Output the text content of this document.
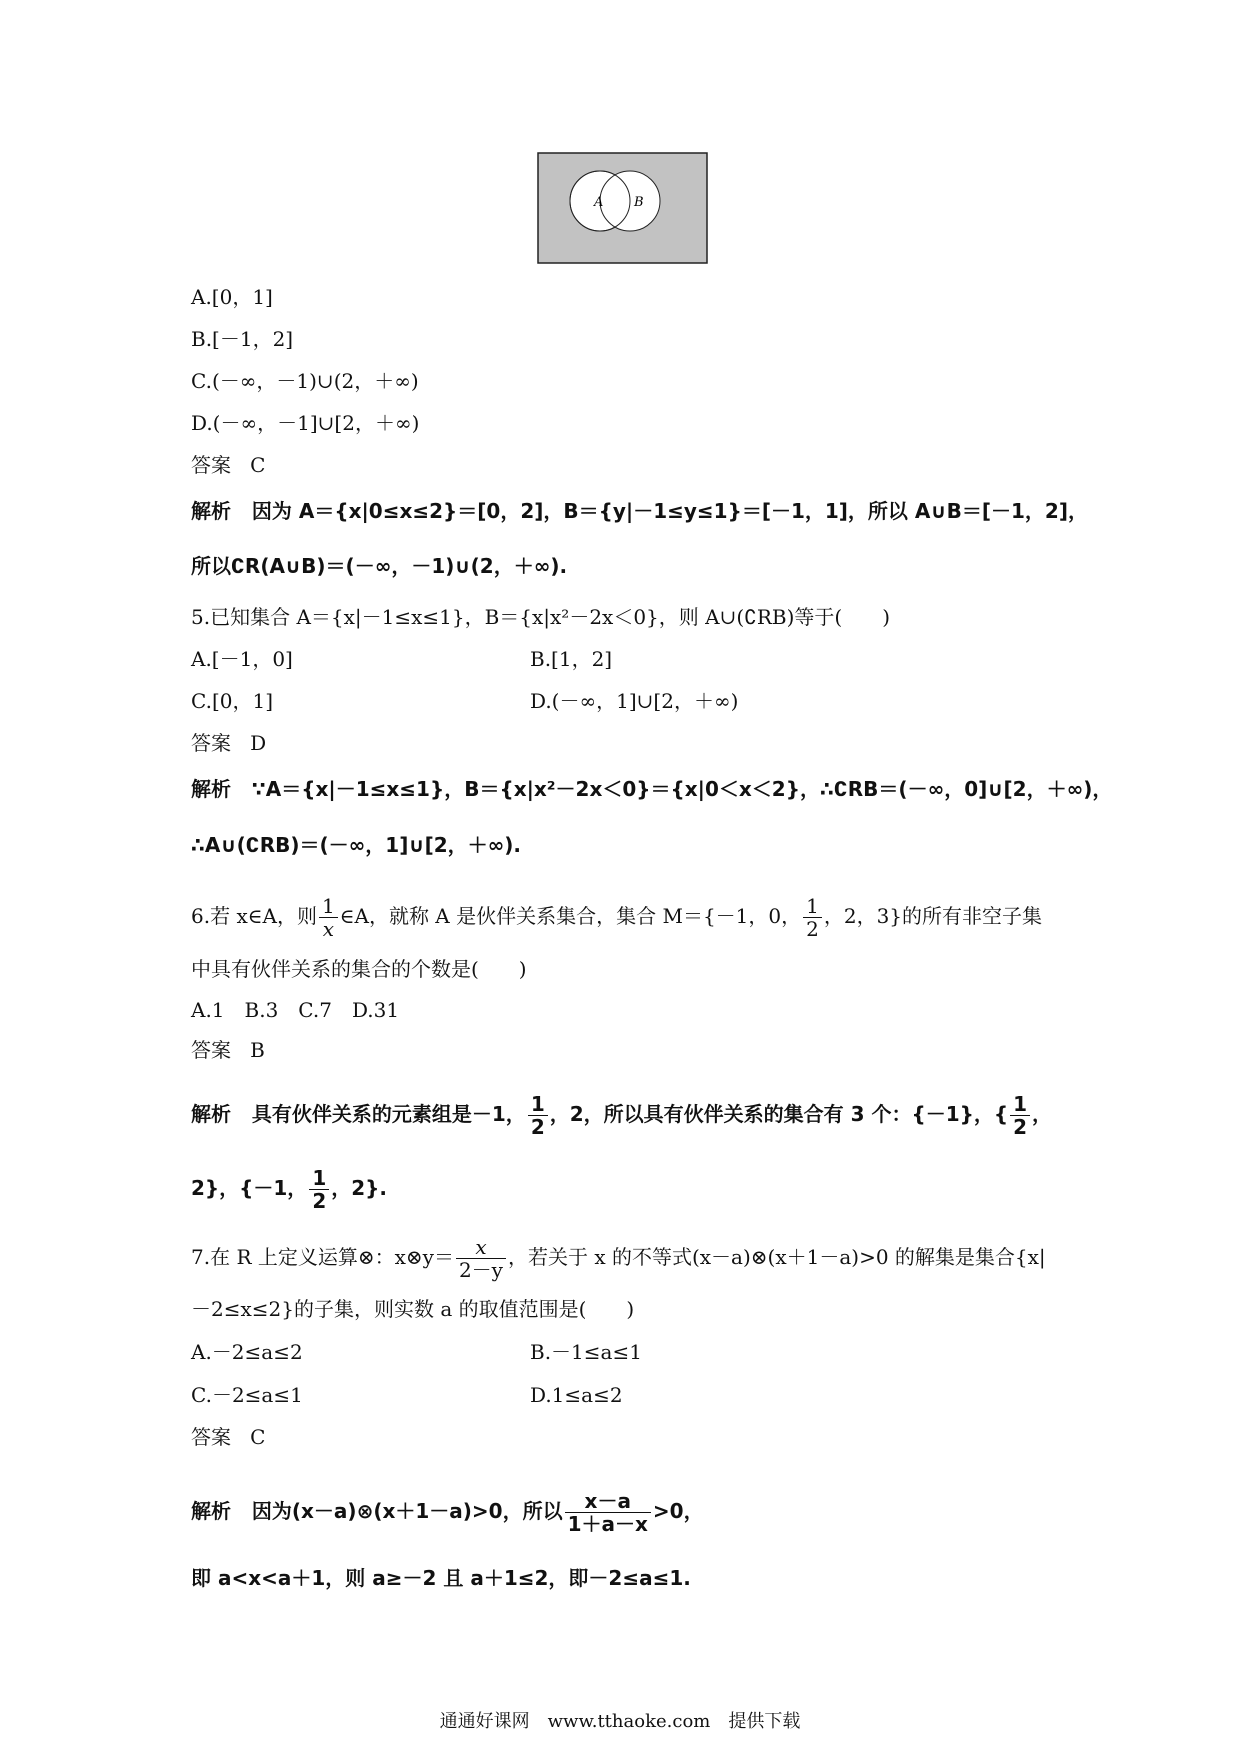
A B
A.[0，1]
B.[－1，2]
C.(－∞，－1)∪(2，＋∞)
D.(－∞，－1]∪[2，＋∞)
答案 C
解析 因为 A＝{x|0≤x≤2}＝[0，2]，B＝{y|－1≤y≤1}＝[－1，1]，所以 A∪B＝[－1，2]，
所以∁R(A∪B)＝(－∞，－1)∪(2，＋∞).
5.已知集合 A＝{x|－1≤x≤1}，B＝{x|x²－2x＜0}，则 A∪(∁RB)等于(　　)
A.[－1，0]	B.[1，2]
C.[0，1]	D.(－∞，1]∪[2，＋∞)
答案 D
解析 ∵A＝{x|－1≤x≤1}，B＝{x|x²－2x＜0}＝{x|0＜x＜2}，∴∁RB＝(－∞，0]∪[2，＋∞)，
∴A∪(∁RB)＝(－∞，1]∪[2，＋∞).
6.若 x∈A，则 $\frac{1}{x}$ ∈A，就称 A 是伙伴关系集合，集合 M＝{－1，0， $\frac{1}{2}$ ，2，3}的所有非空子集
中具有伙伴关系的集合的个数是(　　)
A.1　B.3　C.7　D.31
答案 B
解析 具有伙伴关系的元素组是－1， $\frac{1}{2}$ ，2，所以具有伙伴关系的集合有 3 个：{－1}，{ $\frac{1}{2}$ ，
2}，{－1， $\frac{1}{2}$ ，2}.
7.在 R 上定义运算⊗：x⊗y＝ $\frac{x}{2-y}$ ，若关于 x 的不等式(x－a)⊗(x＋1－a)>0 的解集是集合{x|
－2≤x≤2}的子集，则实数 a 的取值范围是(　　)
A.－2≤a≤2	B.－1≤a≤1
C.－2≤a≤1	D.1≤a≤2
答案 C
解析 因为(x－a)⊗(x＋1－a)>0，所以 $\frac{x-a}{1+a-x} >0$，
即 a<x<a＋1，则 a≥－2 且 a＋1≤2，即－2≤a≤1.
通通好课网　www.tthaoke.com　提供下载
